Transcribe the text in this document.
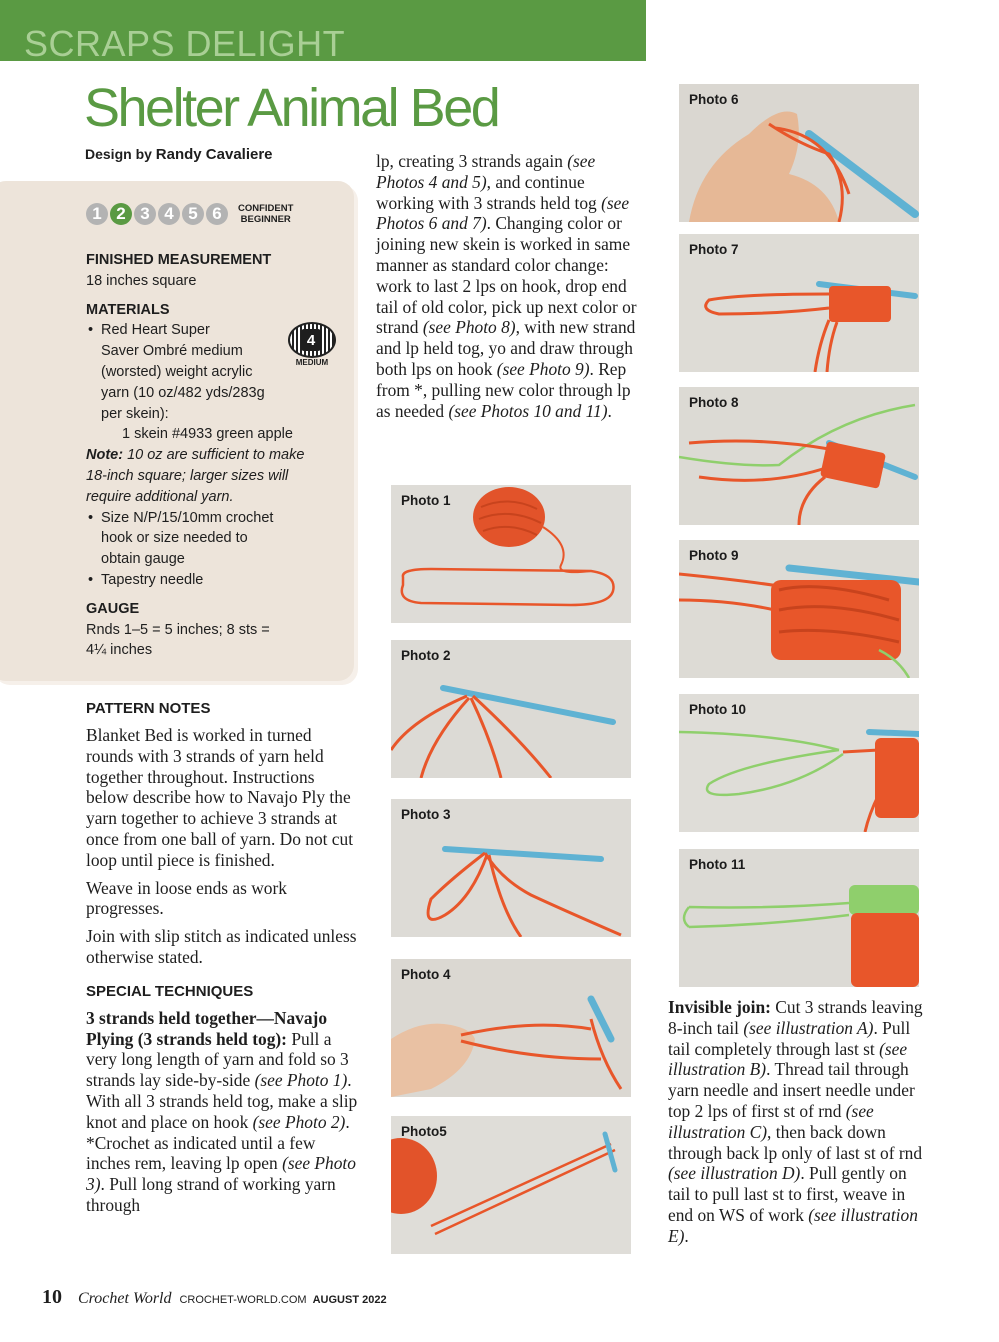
SCRAPS DELIGHT
Shelter Animal Bed
Design by Randy Cavaliere
1 2 3 4 5 6	CONFIDENT
BEGINNER
4
MEDIUM

FINISHED MEASUREMENT

18 inches square

MATERIALS

• Red Heart Super
Saver Ombré medium
(worsted) weight acrylic
yarn (10 oz/482 yds/283g
per skein):

1 skein #4933 green apple

Note: 10 oz are sufficient to make
18-inch square; larger sizes will
require additional yarn.
• Size N/P/15/10mm crochet
hook or size needed to
obtain gauge

• Tapestry needle

GAUGE

Rnds 1–5 = 5 inches; 8 sts =
4¼ inches
PATTERN NOTES

Blanket Bed is worked in turned rounds with 3 strands of yarn held together throughout. Instructions below describe how to Navajo Ply the yarn together to achieve 3 strands at once from one ball of yarn. Do not cut loop until piece is finished.

Weave in loose ends as work progresses.

Join with slip stitch as indicated unless otherwise stated.

SPECIAL TECHNIQUES

3 strands held together—Navajo Plying (3 strands held tog): Pull a very long length of yarn and fold so 3 strands lay side-by-side (see Photo 1). With all 3 strands held tog, make a slip knot and place on hook (see Photo 2). *Crochet as indicated until a few inches rem, leaving lp open (see Photo 3). Pull long strand of working yarn through

lp, creating 3 strands again (see Photos 4 and 5), and continue working with 3 strands held tog (see Photos 6 and 7). Changing color or joining new skein is worked in same manner as standard color change: work to last 2 lps on hook, drop end tail of old color, pick up next color or strand (see Photo 8), with new strand and lp held tog, yo and draw through both lps on hook (see Photo 9). Rep from *, pulling new color through lp as needed (see Photos 10 and 11).

Photo 1
Photo 2
Photo 3
Photo 4
Photo5
Photo 6
Photo 7
Photo 8
Photo 9
Photo 10
Photo 11

Invisible join: Cut 3 strands leaving 8-inch tail (see illustration A). Pull tail completely through last st (see illustration B). Thread tail through yarn needle and insert needle under top 2 lps of first st of rnd (see illustration C), then back down through back lp only of last st of rnd (see illustration D). Pull gently on tail to pull last st to first, weave in end on WS of work (see illustration E).

10 Crochet World CROCHET-WORLD.COM AUGUST 2022
